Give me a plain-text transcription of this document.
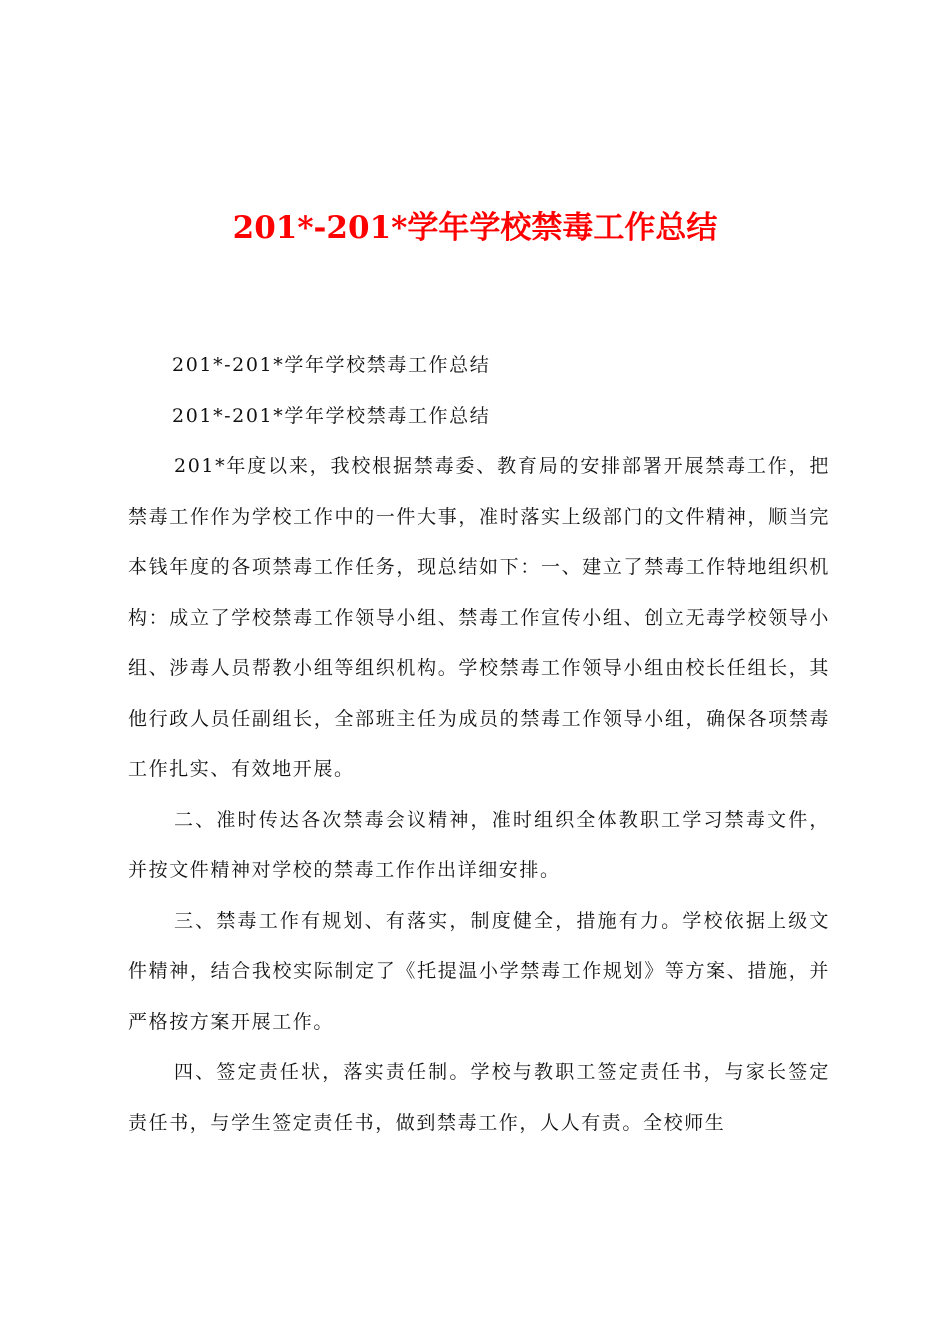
201*-201*学年学校禁毒工作总结

201*-201*学年学校禁毒工作总结

201*-201*学年学校禁毒工作总结

201*年度以来，我校根据禁毒委、教育局的安排部署开展禁毒工作，把禁毒工作作为学校工作中的一件大事，准时落实上级部门的文件精神，顺当完本钱年度的各项禁毒工作任务，现总结如下：一、建立了禁毒工作特地组织机构：成立了学校禁毒工作领导小组、禁毒工作宣传小组、创立无毒学校领导小组、涉毒人员帮教小组等组织机构。学校禁毒工作领导小组由校长任组长，其他行政人员任副组长，全部班主任为成员的禁毒工作领导小组，确保各项禁毒工作扎实、有效地开展。

二、准时传达各次禁毒会议精神，准时组织全体教职工学习禁毒文件，并按文件精神对学校的禁毒工作作出详细安排。

三、禁毒工作有规划、有落实，制度健全，措施有力。学校依据上级文件精神，结合我校实际制定了《托提温小学禁毒工作规划》等方案、措施，并严格按方案开展工作。

四、签定责任状，落实责任制。学校与教职工签定责任书，与家长签定责任书，与学生签定责任书，做到禁毒工作，人人有责。全校师生
